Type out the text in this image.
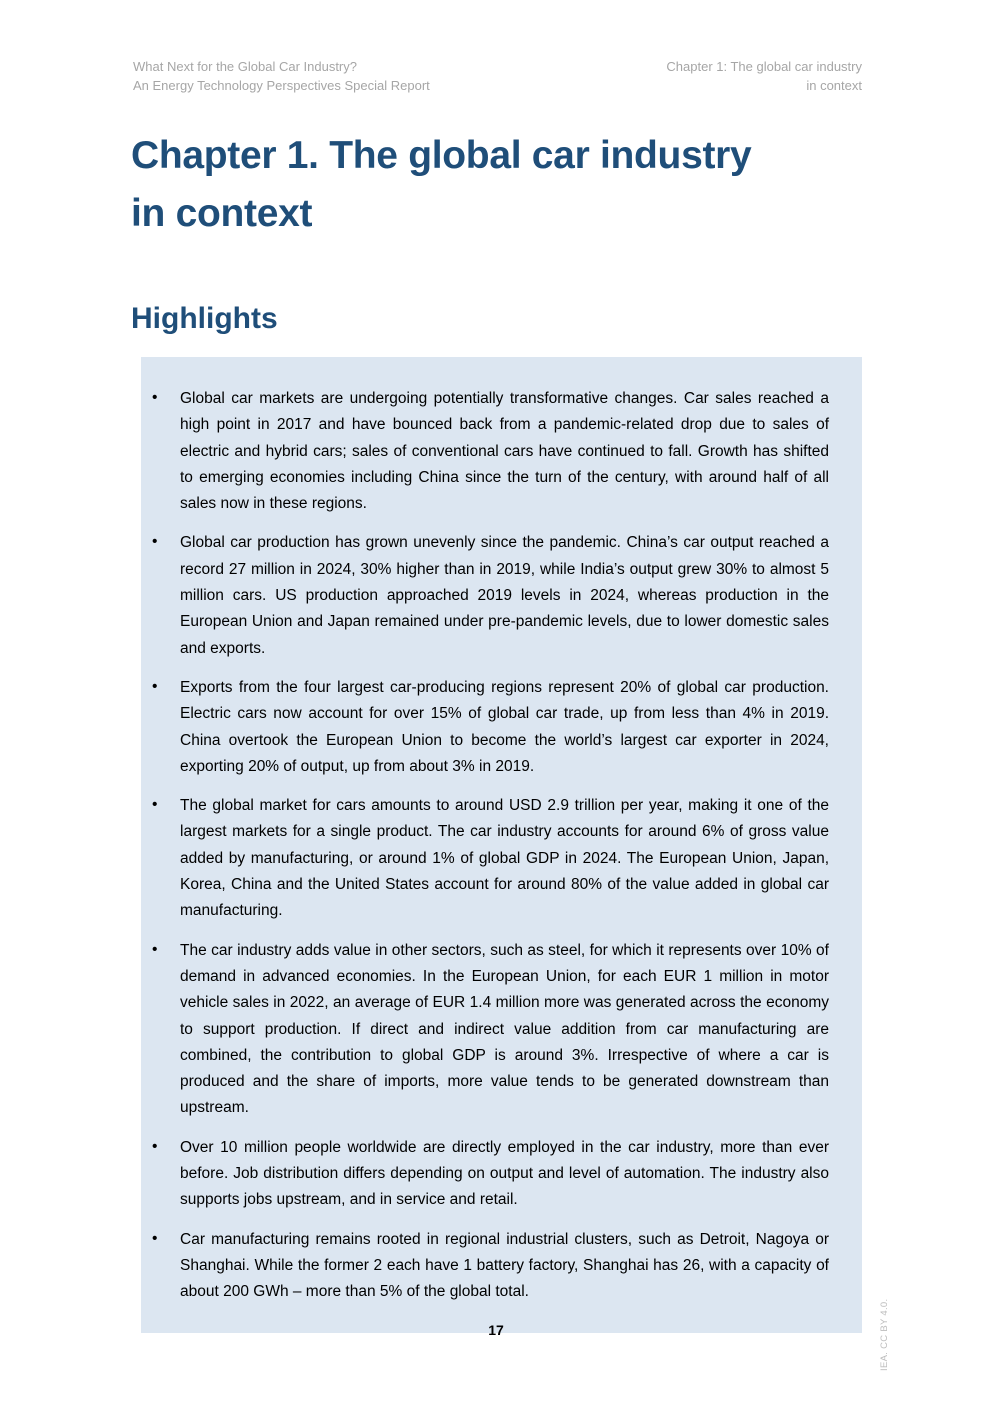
What Next for the Global Car Industry?
An Energy Technology Perspectives Special Report
Chapter 1: The global car industry
in context
Chapter 1. The global car industry
in context
Highlights
•
Global car markets are undergoing potentially transformative changes. Car sales reached a high point in 2017 and have bounced back from a pandemic-related drop due to sales of electric and hybrid cars; sales of conventional cars have continued to fall. Growth has shifted to emerging economies including China since the turn of the century, with around half of all sales now in these regions.
•
Global car production has grown unevenly since the pandemic. China’s car output reached a record 27 million in 2024, 30% higher than in 2019, while India’s output grew 30% to almost 5 million cars. US production approached 2019 levels in 2024, whereas production in the European Union and Japan remained under pre-pandemic levels, due to lower domestic sales and exports.
•
Exports from the four largest car-producing regions represent 20% of global car production. Electric cars now account for over 15% of global car trade, up from less than 4% in 2019. China overtook the European Union to become the world’s largest car exporter in 2024, exporting 20% of output, up from about 3% in 2019.
•
The global market for cars amounts to around USD 2.9 trillion per year, making it one of the largest markets for a single product. The car industry accounts for around 6% of gross value added by manufacturing, or around 1% of global GDP in 2024. The European Union, Japan, Korea, China and the United States account for around 80% of the value added in global car manufacturing.
•
The car industry adds value in other sectors, such as steel, for which it represents over 10% of demand in advanced economies. In the European Union, for each EUR 1 million in motor vehicle sales in 2022, an average of EUR 1.4 million more was generated across the economy to support production. If direct and indirect value addition from car manufacturing are combined, the contribution to global GDP is around 3%. Irrespective of where a car is produced and the share of imports, more value tends to be generated downstream than upstream.
•
Over 10 million people worldwide are directly employed in the car industry, more than ever before. Job distribution differs depending on output and level of automation. The industry also supports jobs upstream, and in service and retail.
•
Car manufacturing remains rooted in regional industrial clusters, such as Detroit, Nagoya or Shanghai. While the former 2 each have 1 battery factory, Shanghai has 26, with a capacity of about 200 GWh – more than 5% of the global total.
17	IEA. CC BY 4.0.
